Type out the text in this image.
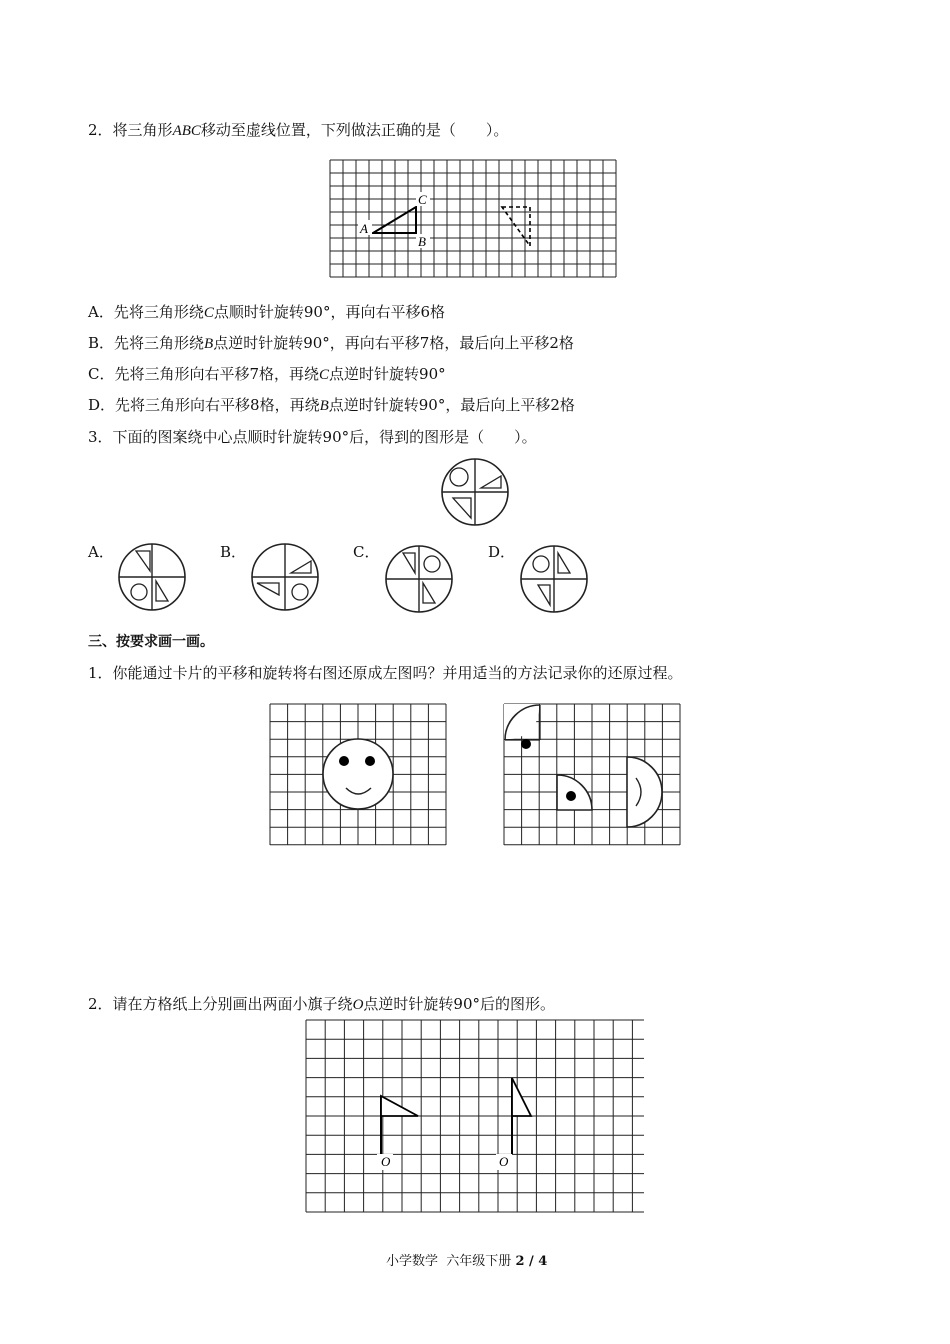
2．将三角形ABC移动至虚线位置，下列做法正确的是（　　）。
A
C
B
A．先将三角形绕C点顺时针旋转90°，再向右平移6格
B．先将三角形绕B点逆时针旋转90°，再向右平移7格，最后向上平移2格
C．先将三角形向右平移7格，再绕C点逆时针旋转90°
D．先将三角形向右平移8格，再绕B点逆时针旋转90°，最后向上平移2格
3．下面的图案绕中心点顺时针旋转90°后，得到的图形是（　　）。
A．	B．	C．	D．
三、按要求画一画。
1．你能通过卡片的平移和旋转将右图还原成左图吗？并用适当的方法记录你的还原过程。
2．请在方格纸上分别画出两面小旗子绕O点逆时针旋转90°后的图形。
O	O
小学数学 六年级下册 2 / 4
